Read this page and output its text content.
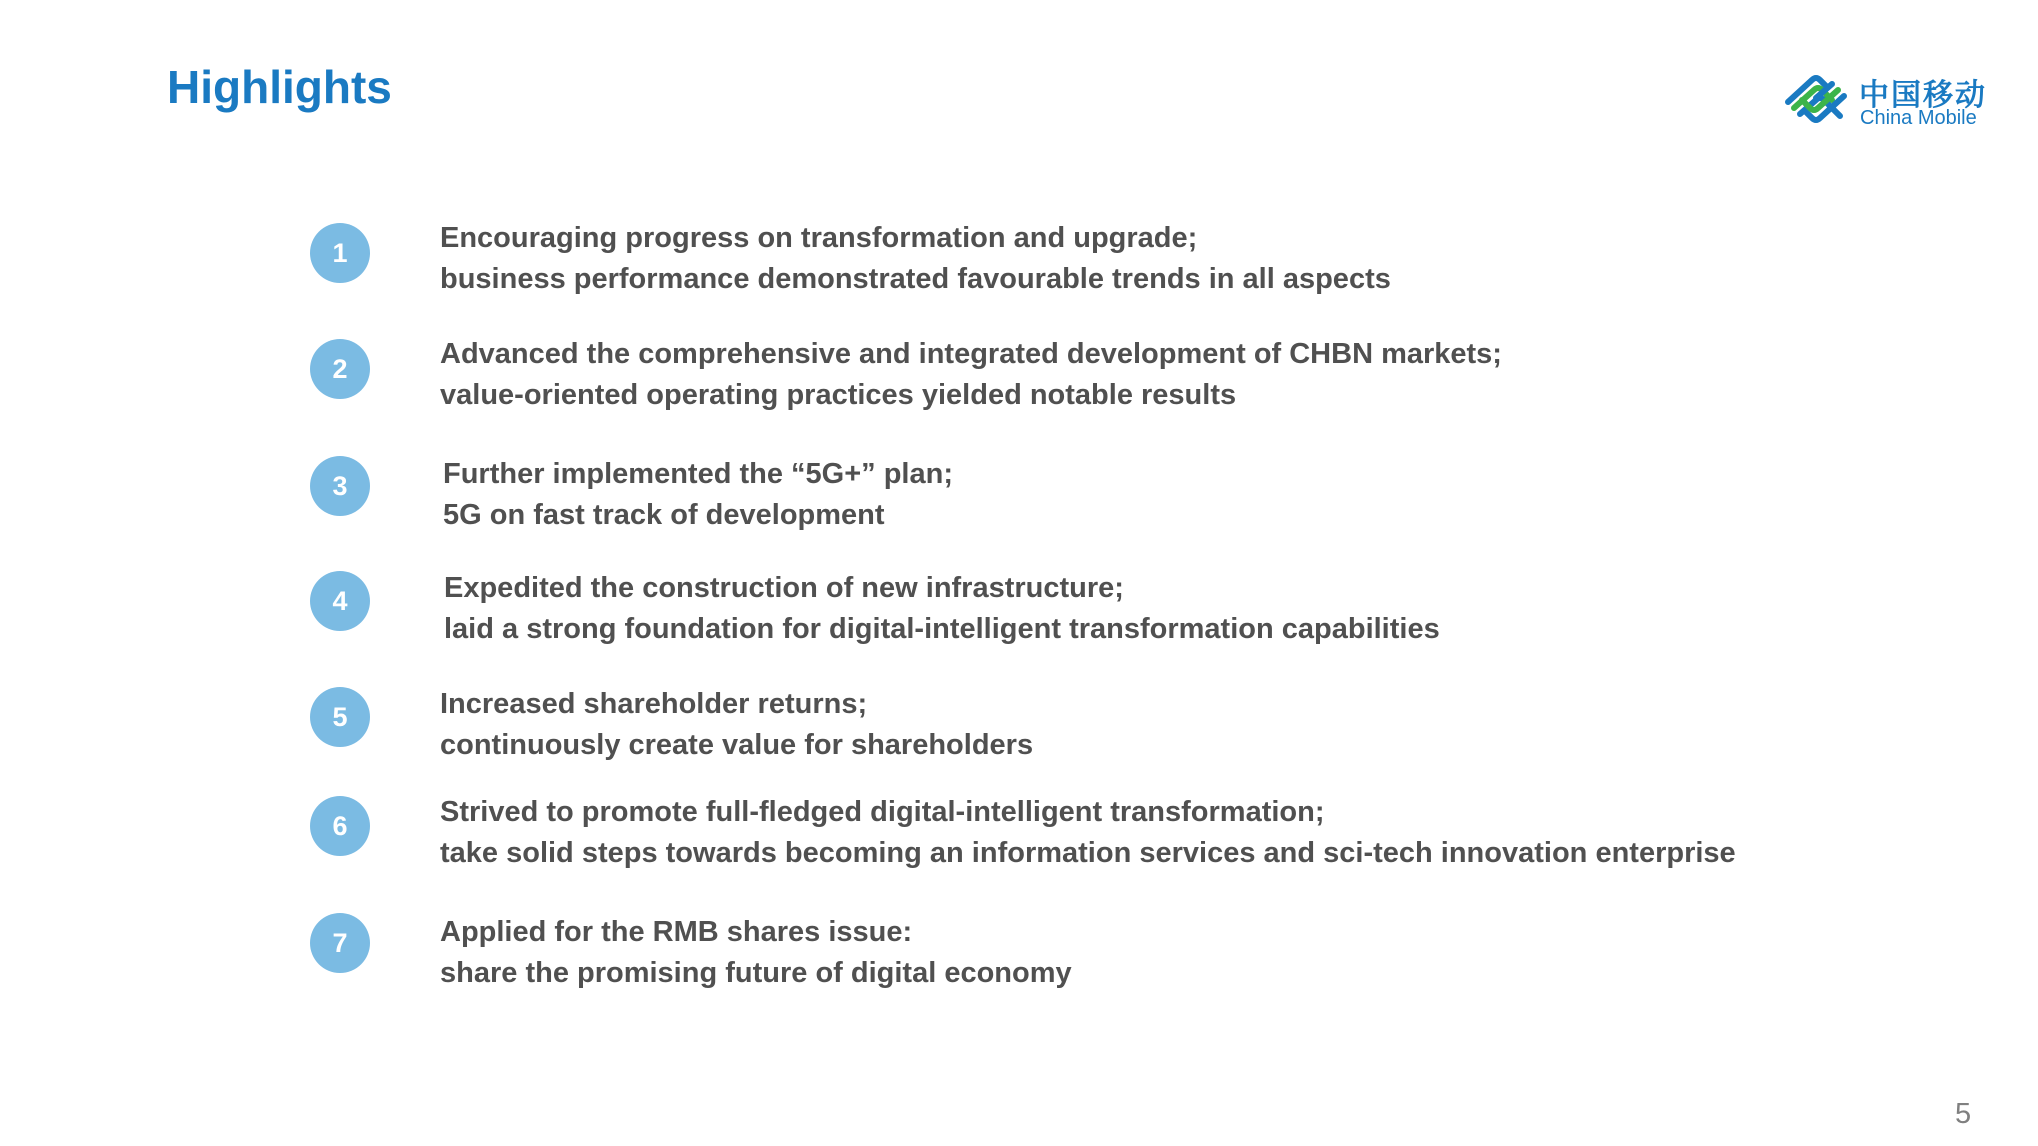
Highlights	中国移动
China Mobile
1	Encouraging progress on transformation and upgrade;
business performance demonstrated favourable trends in all aspects
2	Advanced the comprehensive and integrated development of CHBN markets;
value-oriented operating practices yielded notable results
3	Further implemented the “5G+” plan;
5G on fast track of development
4	Expedited the construction of new infrastructure;
laid a strong foundation for digital-intelligent transformation capabilities
5	Increased shareholder returns;
continuously create value for shareholders
6	Strived to promote full-fledged digital-intelligent transformation;
take solid steps towards becoming an information services and sci-tech innovation enterprise
7	Applied for the RMB shares issue:
share the promising future of digital economy
5
